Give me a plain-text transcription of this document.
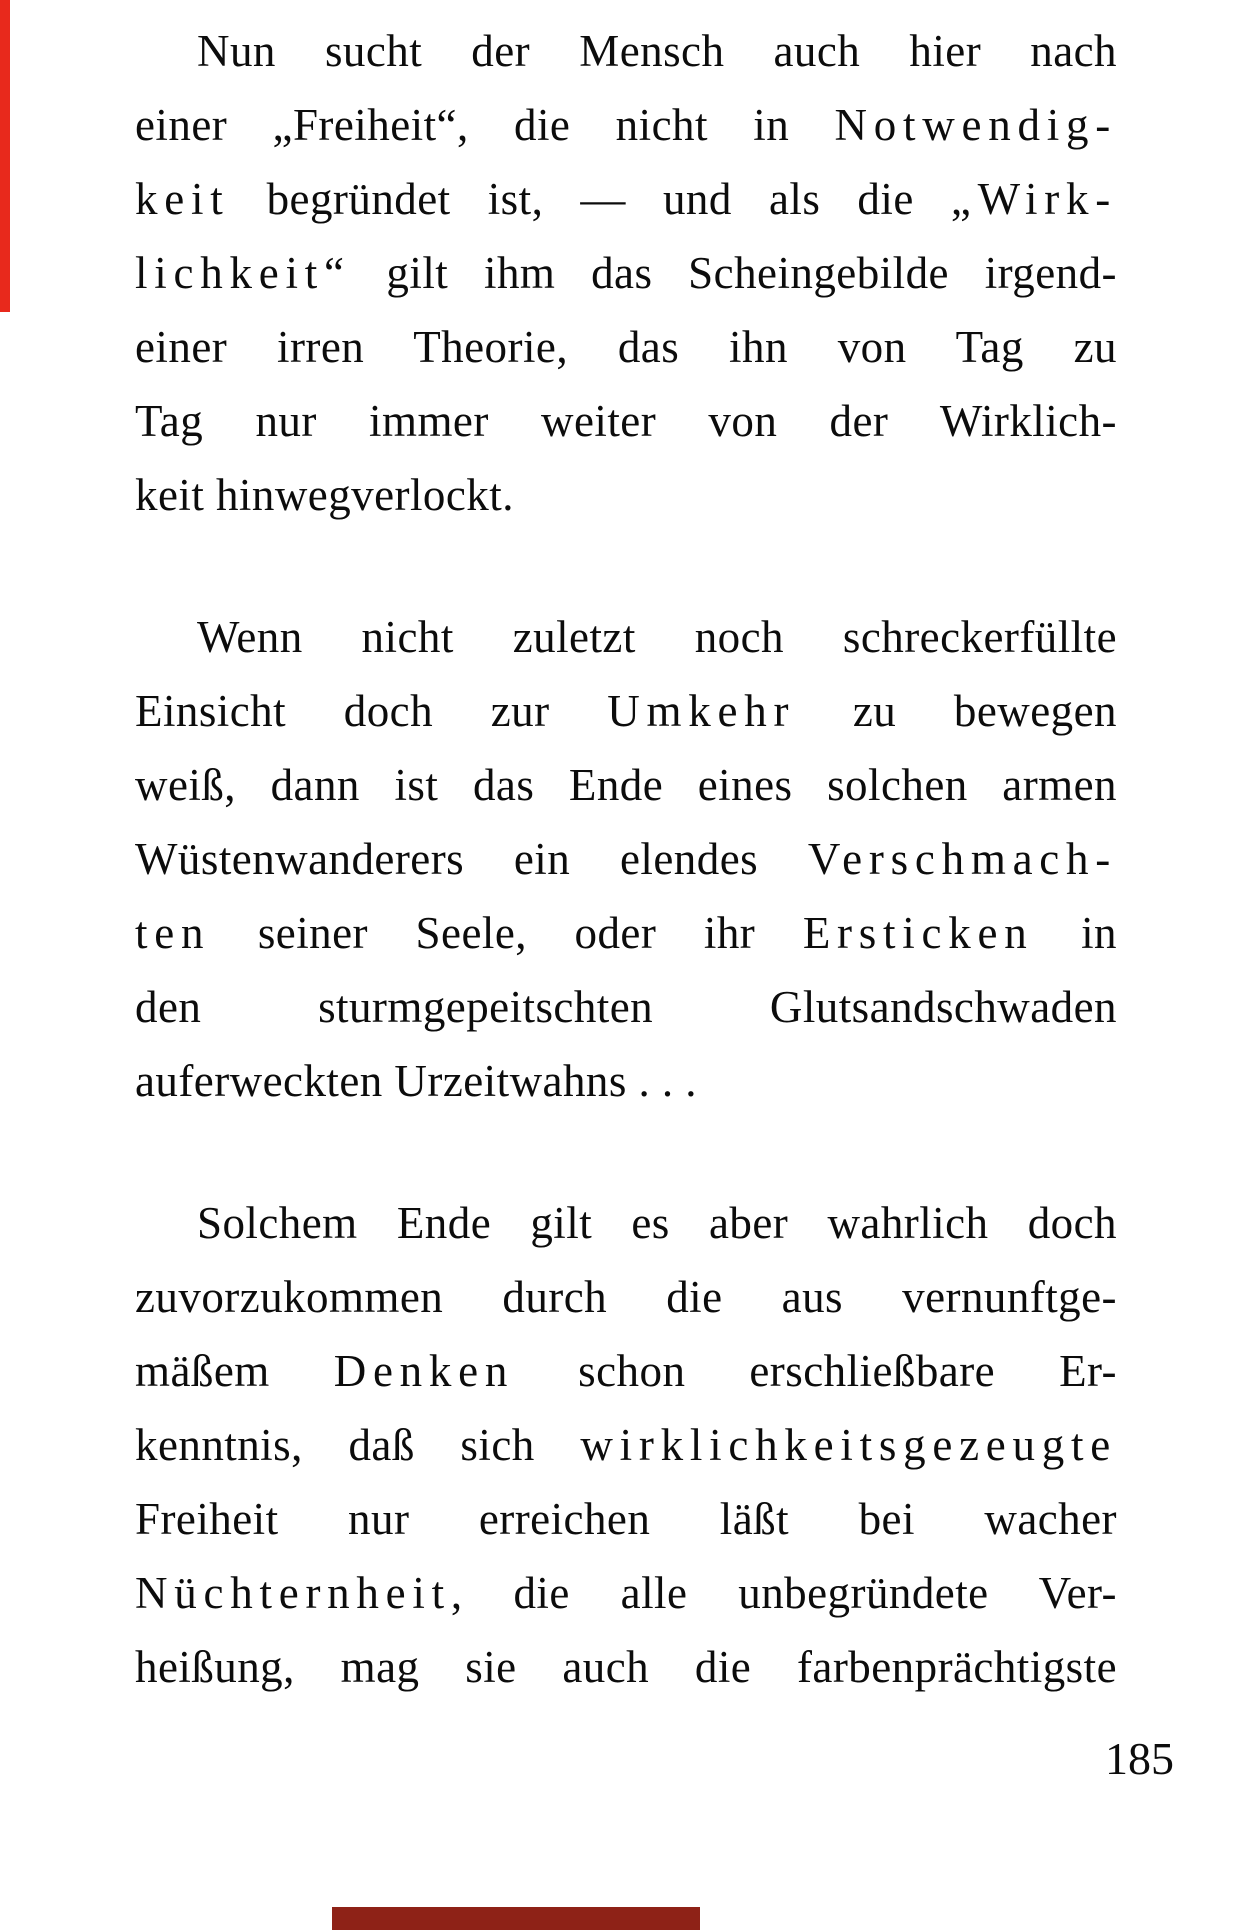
Nun sucht der Mensch auch hier nach
einer „Freiheit“, die nicht in Notwendig-
keit begründet ist, — und als die „Wirk-
lichkeit“ gilt ihm das Scheingebilde irgend-
einer irren Theorie, das ihn von Tag zu
Tag nur immer weiter von der Wirklich-
keit hinwegverlockt.
Wenn nicht zuletzt noch schreckerfüllte
Einsicht doch zur Umkehr zu bewegen
weiß, dann ist das Ende eines solchen armen
Wüstenwanderers ein elendes Verschmach-
ten seiner Seele, oder ihr Ersticken in
den sturmgepeitschten Glutsandschwaden
auferweckten Urzeitwahns . . .
Solchem Ende gilt es aber wahrlich doch
zuvorzukommen durch die aus vernunftge-
mäßem Denken schon erschließbare Er-
kenntnis, daß sich wirklichkeitsgezeugte
Freiheit nur erreichen läßt bei wacher
Nüchternheit, die alle unbegründete Ver-
heißung, mag sie auch die farbenprächtigste
185
